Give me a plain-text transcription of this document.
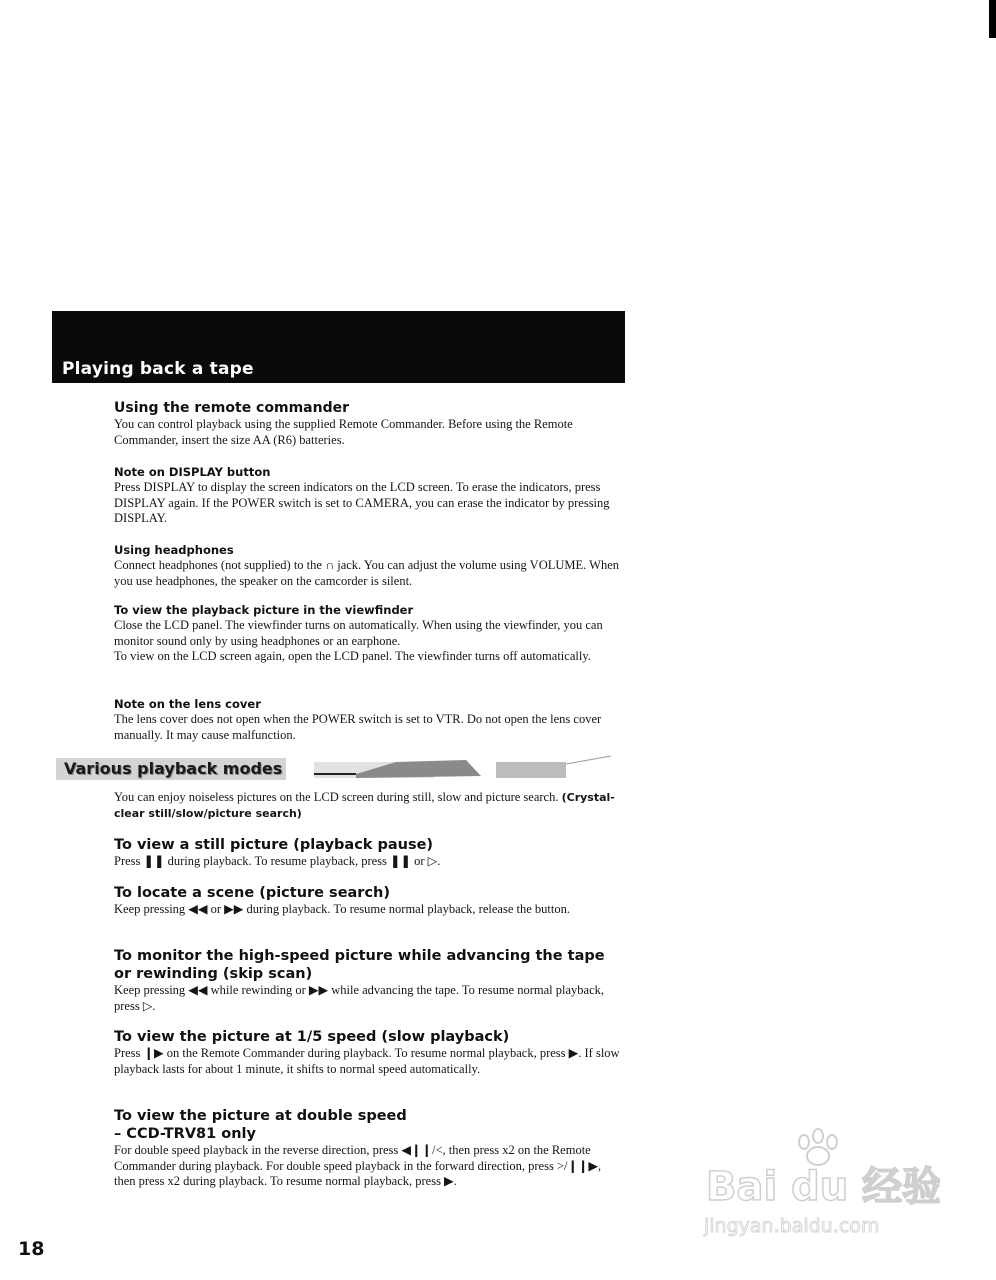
Playing back a tape
Using the remote commander

You can control playback using the supplied Remote Commander. Before using the Remote Commander, insert the size AA (R6) batteries.

Note on DISPLAY button

Press DISPLAY to display the screen indicators on the LCD screen. To erase the indicators, press DISPLAY again. If the POWER switch is set to CAMERA, you can erase the indicator by pressing DISPLAY.

Using headphones

Connect headphones (not supplied) to the ∩ jack. You can adjust the volume using VOLUME. When you use headphones, the speaker on the camcorder is silent.

To view the playback picture in the viewfinder

Close the LCD panel. The viewfinder turns on automatically. When using the viewfinder, you can monitor sound only by using headphones or an earphone.

To view on the LCD screen again, open the LCD panel. The viewfinder turns off automatically.

Note on the lens cover

The lens cover does not open when the POWER switch is set to VTR. Do not open the lens cover manually. It may cause malfunction.

Various playback modes

You can enjoy noiseless pictures on the LCD screen during still, slow and picture search. (Crystal-clear still/slow/picture search)

To view a still picture (playback pause)

Press ❚❚ during playback. To resume playback, press ❚❚ or ▷.

To locate a scene (picture search)

Keep pressing ◀◀ or ▶▶ during playback. To resume normal playback, release the button.

To monitor the high-speed picture while advancing the tape or rewinding (skip scan)

Keep pressing ◀◀ while rewinding or ▶▶ while advancing the tape. To resume normal playback, press ▷.

To view the picture at 1/5 speed (slow playback)

Press ❙▶ on the Remote Commander during playback. To resume normal playback, press ▶. If slow playback lasts for about 1 minute, it shifts to normal speed automatically.

To view the picture at double speed
– CCD-TRV81 only

For double speed playback in the reverse direction, press ◀❙❙/<, then press x2 on the Remote Commander during playback. For double speed playback in the forward direction, press >/❙❙▶, then press x2 during playback. To resume normal playback, press ▶.

18
Bai du 经验
jingyan.baidu.com
